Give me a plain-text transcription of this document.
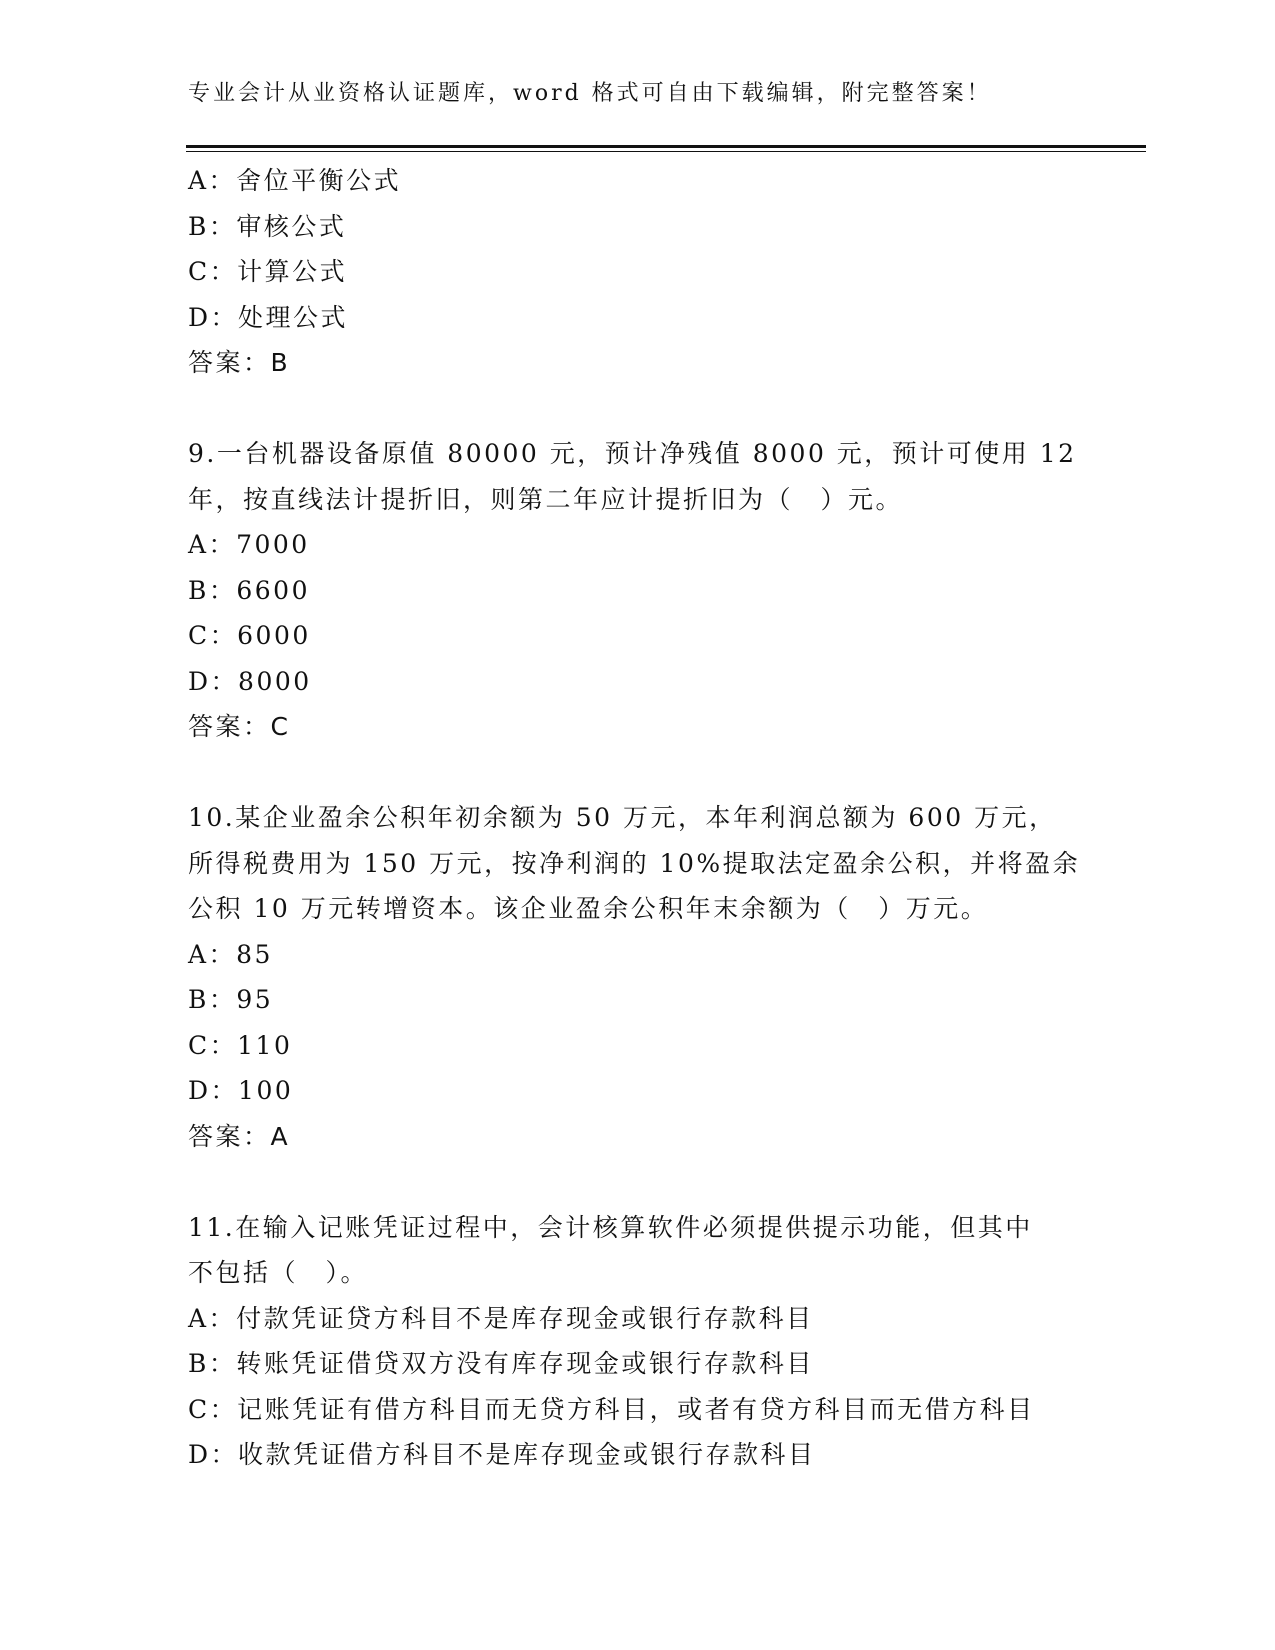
专业会计从业资格认证题库，word 格式可自由下载编辑，附完整答案！
A：舍位平衡公式
B：审核公式
C：计算公式
D：处理公式
答案：B
9.一台机器设备原值 80000 元，预计净残值 8000 元，预计可使用 12
年，按直线法计提折旧，则第二年应计提折旧为（　）元。
A：7000
B：6600
C：6000
D：8000
答案：C
10.某企业盈余公积年初余额为 50 万元，本年利润总额为 600 万元，
所得税费用为 150 万元，按净利润的 10%提取法定盈余公积，并将盈余
公积 10 万元转增资本。该企业盈余公积年末余额为（　）万元。
A：85
B：95
C：110
D：100
答案：A
11.在输入记账凭证过程中，会计核算软件必须提供提示功能，但其中
不包括（　）。
A：付款凭证贷方科目不是库存现金或银行存款科目
B：转账凭证借贷双方没有库存现金或银行存款科目
C：记账凭证有借方科目而无贷方科目，或者有贷方科目而无借方科目
D：收款凭证借方科目不是库存现金或银行存款科目
